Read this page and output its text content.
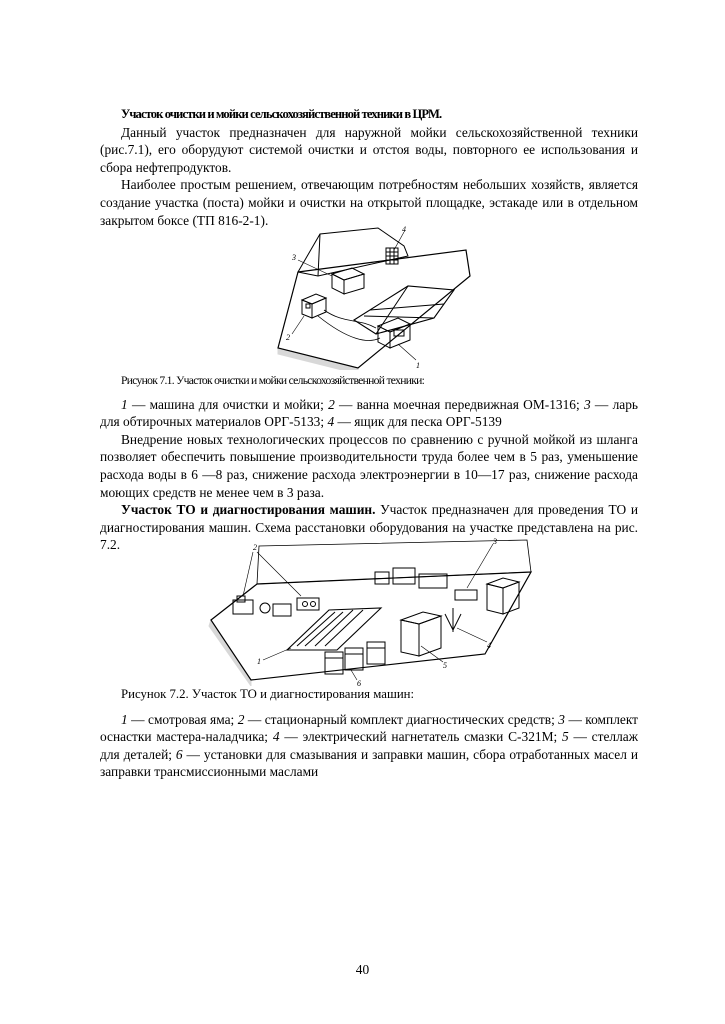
Участок очистки и мойки сельскохозяйственной техники в ЦРМ.
Данный участок предназначен для наружной мойки сельскохозяйственной техники (рис.7.1), его оборудуют системой очистки и отстоя воды, повторного ее использования и сбора нефтепродуктов.
Наиболее простым решением, отвечающим потребностям небольших хозяйств, является создание участка (поста) мойки и очистки на открытой площадке, эстакаде или в отдельном закрытом боксе (ТП 816-2-1).
1
2
3
4
Рисунок 7.1. Участок очистки и мойки сельскохозяйственной техники:
1 — машина для очистки и мойки; 2 — ванна моечная передвижная ОМ-1316; 3 — ларь для обтирочных материалов ОРГ-5133; 4 — ящик для песка ОРГ-5139
Внедрение новых технологических процессов по сравнению с ручной мойкой из шланга позволяет обеспечить повышение производительности труда более чем в 5 раз, уменьшение расхода воды в 6 —8 раз, снижение расхода электроэнергии в 10—17 раз, снижение расхода моющих средств не менее чем в 3 раза.
Участок ТО и диагностирования машин. Участок предназначен для проведения ТО и диагностирования машин. Схема расстановки оборудования на участке представлена на рис. 7.2.
1
2
3
4
5
6
Рисунок 7.2. Участок ТО и диагностирования машин:
1 — смотровая яма; 2 — стационарный комплект диагностических средств; 3 — комплект оснастки мастера-наладчика; 4 — электрический нагнетатель смазки С-321М; 5 — стеллаж для деталей; 6 — установки для смазывания и заправки машин, сбора отработанных масел и заправки трансмиссионными маслами
40
